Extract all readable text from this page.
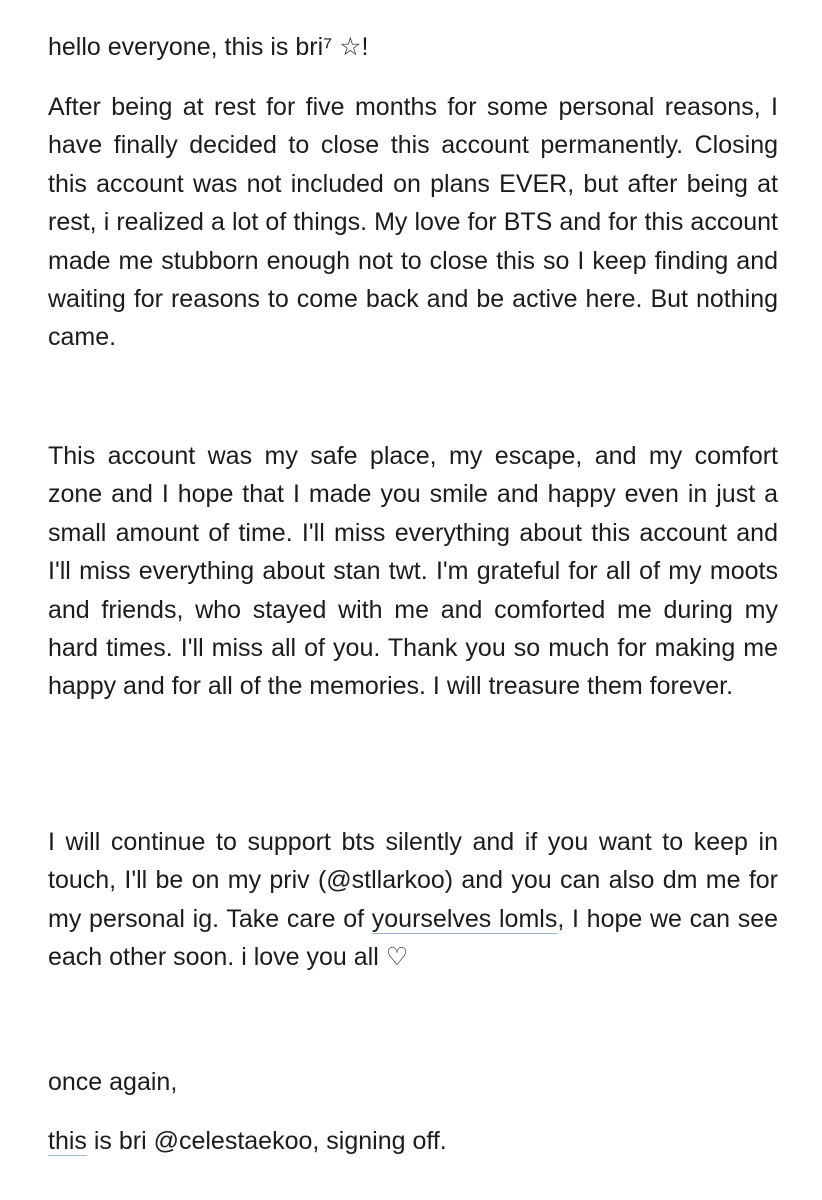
hello everyone, this is bri⁷ ☆!

After being at rest for five months for some personal reasons, I have finally decided to close this account permanently. Closing this account was not included on plans EVER, but after being at rest, i realized a lot of things. My love for BTS and for this account made me stubborn enough not to close this so I keep finding and waiting for reasons to come back and be active here. But nothing came.

This account was my safe place, my escape, and my comfort zone and I hope that I made you smile and happy even in just a small amount of time. I'll miss everything about this account and I'll miss everything about stan twt. I'm grateful for all of my moots and friends, who stayed with me and comforted me during my hard times. I'll miss all of you. Thank you so much for making me happy and for all of the memories. I will treasure them forever.

I will continue to support bts silently and if you want to keep in touch, I'll be on my priv (@stllarkoo) and you can also dm me for my personal ig. Take care of yourselves lomls, I hope we can see each other soon. i love you all ♡

once again,

this is bri @celestaekoo, signing off.
